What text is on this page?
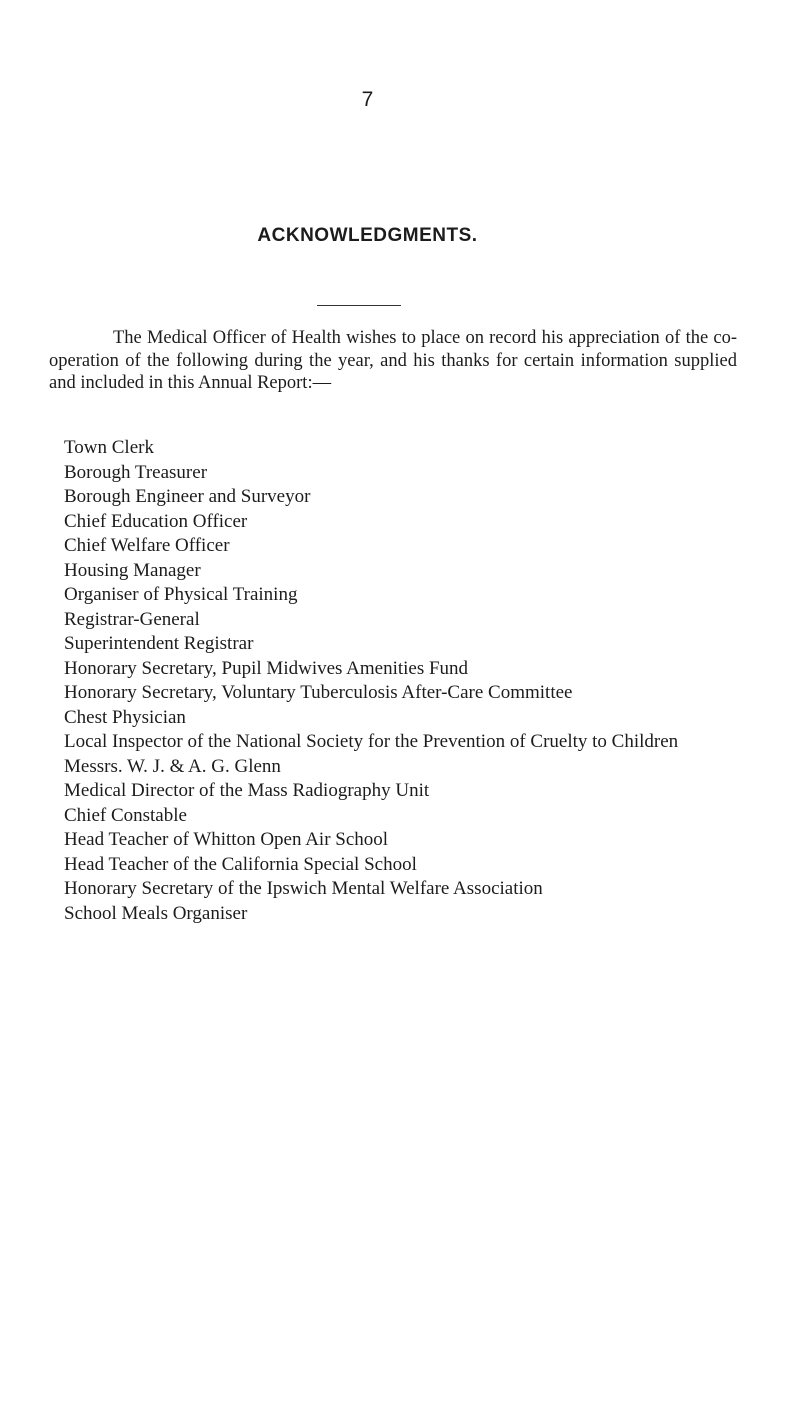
7
ACKNOWLEDGMENTS.

The Medical Officer of Health wishes to place on record his appreciation of the co-operation of the following during the year, and his thanks for certain information supplied and included in this Annual Report:—

Town Clerk
Borough Treasurer
Borough Engineer and Surveyor
Chief Education Officer
Chief Welfare Officer
Housing Manager
Organiser of Physical Training
Registrar-General
Superintendent Registrar
Honorary Secretary, Pupil Midwives Amenities Fund
Honorary Secretary, Voluntary Tuberculosis After-Care Committee
Chest Physician
Local Inspector of the National Society for the Prevention of Cruelty to Children
Messrs. W. J. & A. G. Glenn
Medical Director of the Mass Radiography Unit
Chief Constable
Head Teacher of Whitton Open Air School
Head Teacher of the California Special School
Honorary Secretary of the Ipswich Mental Welfare Association
School Meals Organiser
